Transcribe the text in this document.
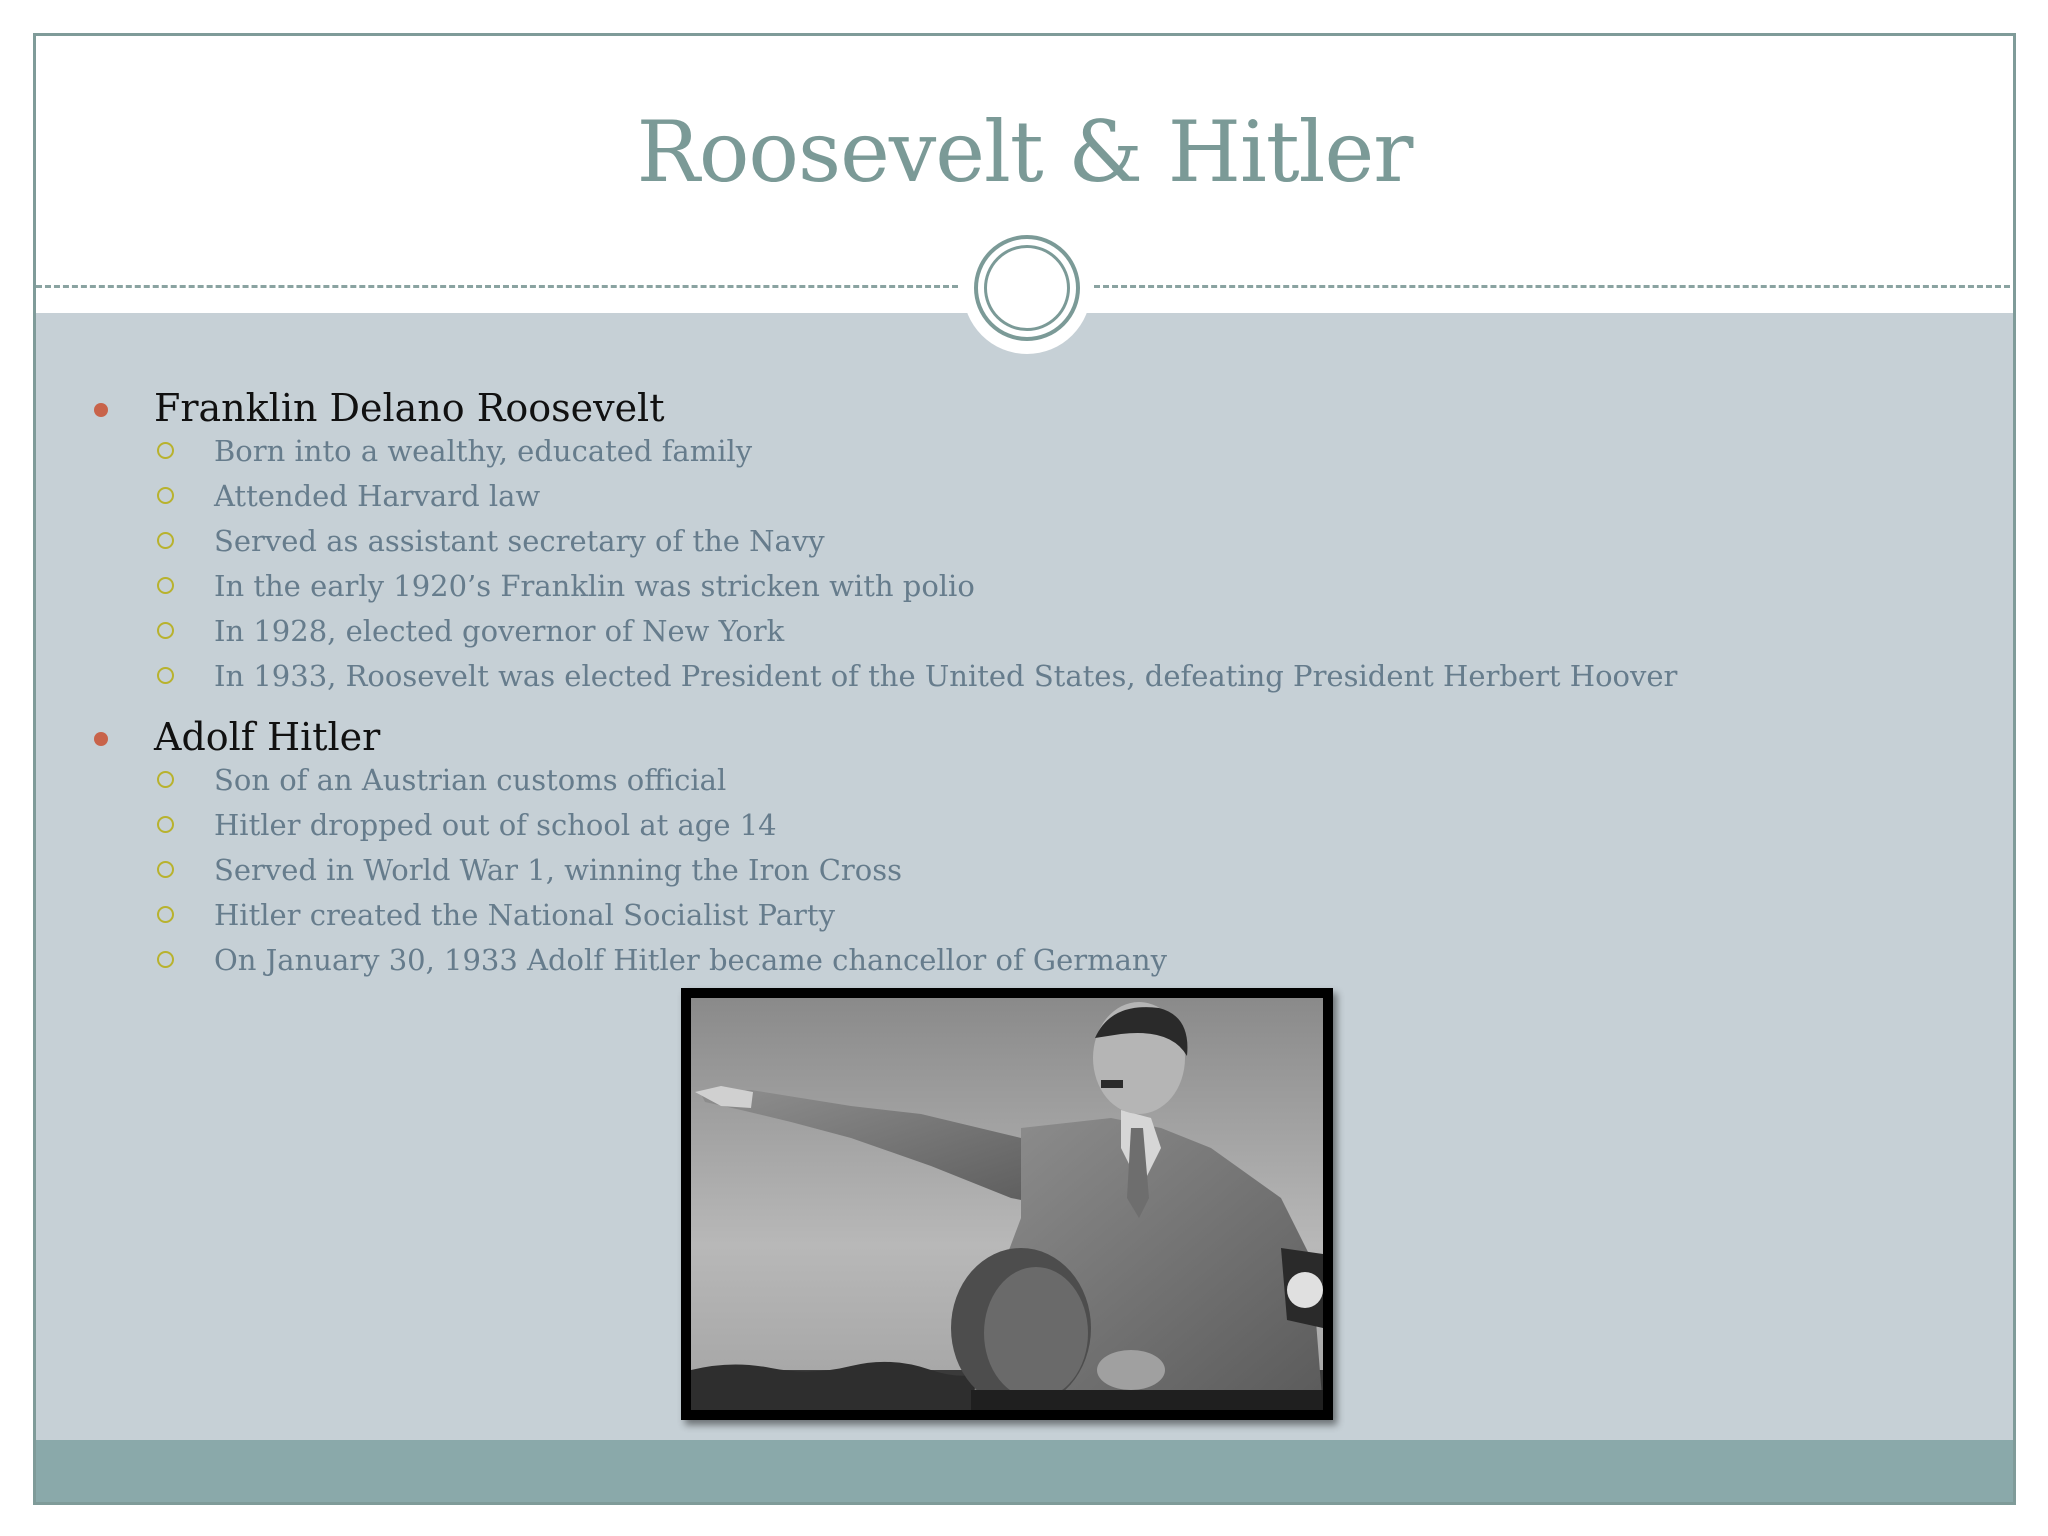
Roosevelt & Hitler
Franklin Delano Roosevelt
Born into a wealthy, educated family
Attended Harvard law
Served as assistant secretary of the Navy
In the early 1920’s Franklin was stricken with polio
In 1928, elected governor of New York
In 1933, Roosevelt was elected President of the United States, defeating President Herbert Hoover
Adolf Hitler
Son of an Austrian customs official
Hitler dropped out of school at age 14
Served in World War 1, winning the Iron Cross
Hitler created the National Socialist Party
On January 30, 1933 Adolf Hitler became chancellor of Germany
